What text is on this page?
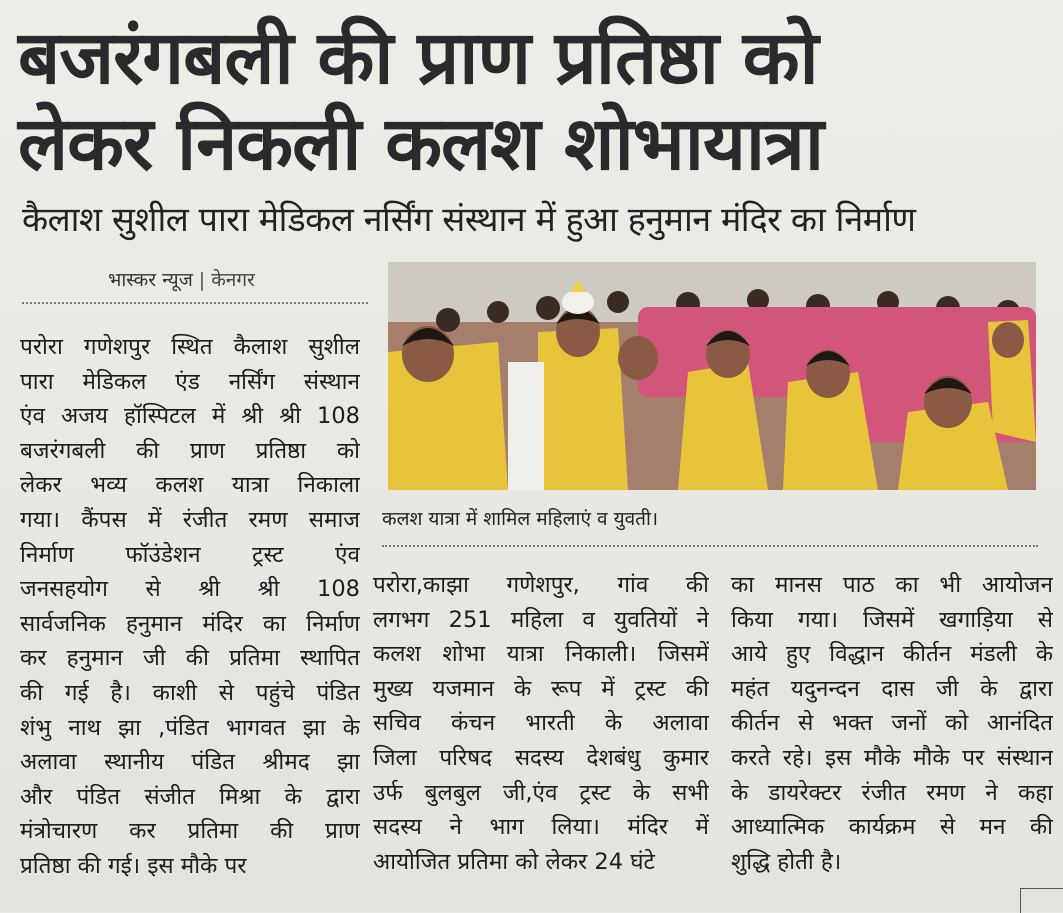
बजरंगबली की प्राण प्रतिष्ठा को
लेकर निकली कलश शोभायात्रा
कैलाश सुशील पारा मेडिकल नर्सिंग संस्थान में हुआ हनुमान मंदिर का निर्माण
भास्कर न्यूज | केनगर
कलश यात्रा में शामिल महिलाएं व युवती।
परोरा गणेशपुर स्थित कैलाश सुशील
पारा मेडिकल एंड नर्सिंग संस्थान
एंव अजय हॉस्पिटल में श्री श्री 108
बजरंगबली की प्राण प्रतिष्ठा को
लेकर भव्य कलश यात्रा निकाला
गया। कैंपस में रंजीत रमण समाज
निर्माण फॉउंडेशन ट्रस्ट एंव
जनसहयोग से श्री श्री 108
सार्वजनिक हनुमान मंदिर का निर्माण
कर हनुमान जी की प्रतिमा स्थापित
की गई है। काशी से पहुंचे पंडित
शंभु नाथ झा ,पंडित भागवत झा के
अलावा स्थानीय पंडित श्रीमद झा
और पंडित संजीत मिश्रा के द्वारा
मंत्रोचारण कर प्रतिमा की प्राण
प्रतिष्ठा की गई। इस मौके पर
परोरा,काझा गणेशपुर, गांव की
लगभग 251 महिला व युवतियों ने
कलश शोभा यात्रा निकाली। जिसमें
मुख्य यजमान के रूप में ट्रस्ट की
सचिव कंचन भारती के अलावा
जिला परिषद सदस्य देशबंधु कुमार
उर्फ बुलबुल जी,एंव ट्रस्ट के सभी
सदस्य ने भाग लिया। मंदिर में
आयोजित प्रतिमा को लेकर 24 घंटे
का मानस पाठ का भी आयोजन
किया गया। जिसमें खगाड़िया से
आये हुए विद्धान कीर्तन मंडली के
महंत यदुनन्दन दास जी के द्वारा
कीर्तन से भक्त जनों को आनंदित
करते रहे। इस मौके मौके पर संस्थान
के डायरेक्टर रंजीत रमण ने कहा
आध्यात्मिक कार्यक्रम से मन की
शुद्धि होती है।
